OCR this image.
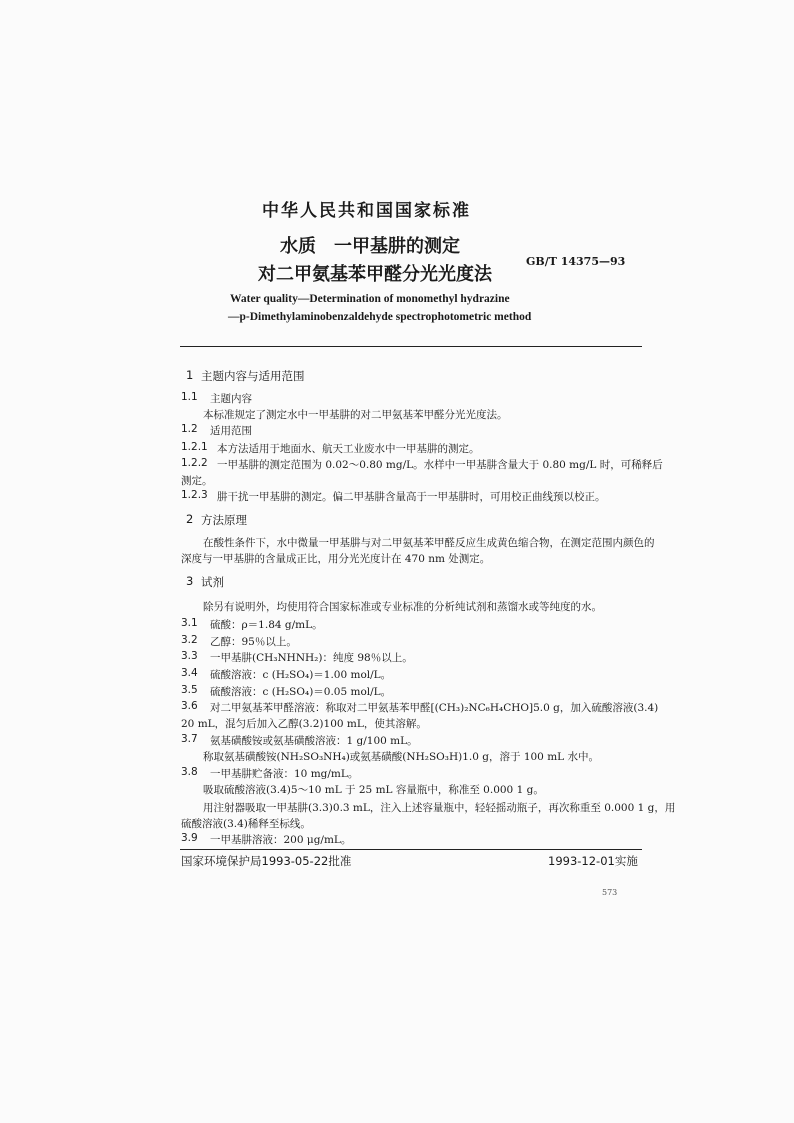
中华人民共和国国家标准
水质　一甲基肼的测定
对二甲氨基苯甲醛分光光度法
GB/T 14375—93
Water quality—Determination of monomethyl hydrazine
—p-Dimethylaminobenzaldehyde spectrophotometric method
1 主题内容与适用范围
1.1 主题内容
本标准规定了测定水中一甲基肼的对二甲氨基苯甲醛分光光度法。
1.2 适用范围
1.2.1 本方法适用于地面水、航天工业废水中一甲基肼的测定。
1.2.2 一甲基肼的测定范围为 0.02～0.80 mg/L。水样中一甲基肼含量大于 0.80 mg/L 时，可稀释后
测定。
1.2.3 肼干扰一甲基肼的测定。偏二甲基肼含量高于一甲基肼时，可用校正曲线预以校正。
2 方法原理
在酸性条件下，水中微量一甲基肼与对二甲氨基苯甲醛反应生成黄色缩合物，在测定范围内颜色的
深度与一甲基肼的含量成正比，用分光光度计在 470 nm 处测定。
3 试剂
除另有说明外，均使用符合国家标准或专业标准的分析纯试剂和蒸馏水或等纯度的水。
3.1 硫酸：ρ＝1.84 g/mL。
3.2 乙醇：95％以上。
3.3 一甲基肼(CH₃NHNH₂)：纯度 98％以上。
3.4 硫酸溶液：c (H₂SO₄)＝1.00 mol/L。
3.5 硫酸溶液：c (H₂SO₄)＝0.05 mol/L。
3.6 对二甲氨基苯甲醛溶液：称取对二甲氨基苯甲醛[(CH₃)₂NC₆H₄CHO]5.0 g，加入硫酸溶液(3.4)
20 mL，混匀后加入乙醇(3.2)100 mL，使其溶解。
3.7 氨基磺酸铵或氨基磺酸溶液：1 g/100 mL。
称取氨基磺酸铵(NH₂SO₃NH₄)或氨基磺酸(NH₂SO₃H)1.0 g，溶于 100 mL 水中。
3.8 一甲基肼贮备液：10 mg/mL。
吸取硫酸溶液(3.4)5～10 mL 于 25 mL 容量瓶中，称准至 0.000 1 g。
用注射器吸取一甲基肼(3.3)0.3 mL，注入上述容量瓶中，轻轻摇动瓶子，再次称重至 0.000 1 g，用
硫酸溶液(3.4)稀释至标线。
3.9 一甲基肼溶液：200 μg/mL。
国家环境保护局1993-05-22批准	1993-12-01实施
573
